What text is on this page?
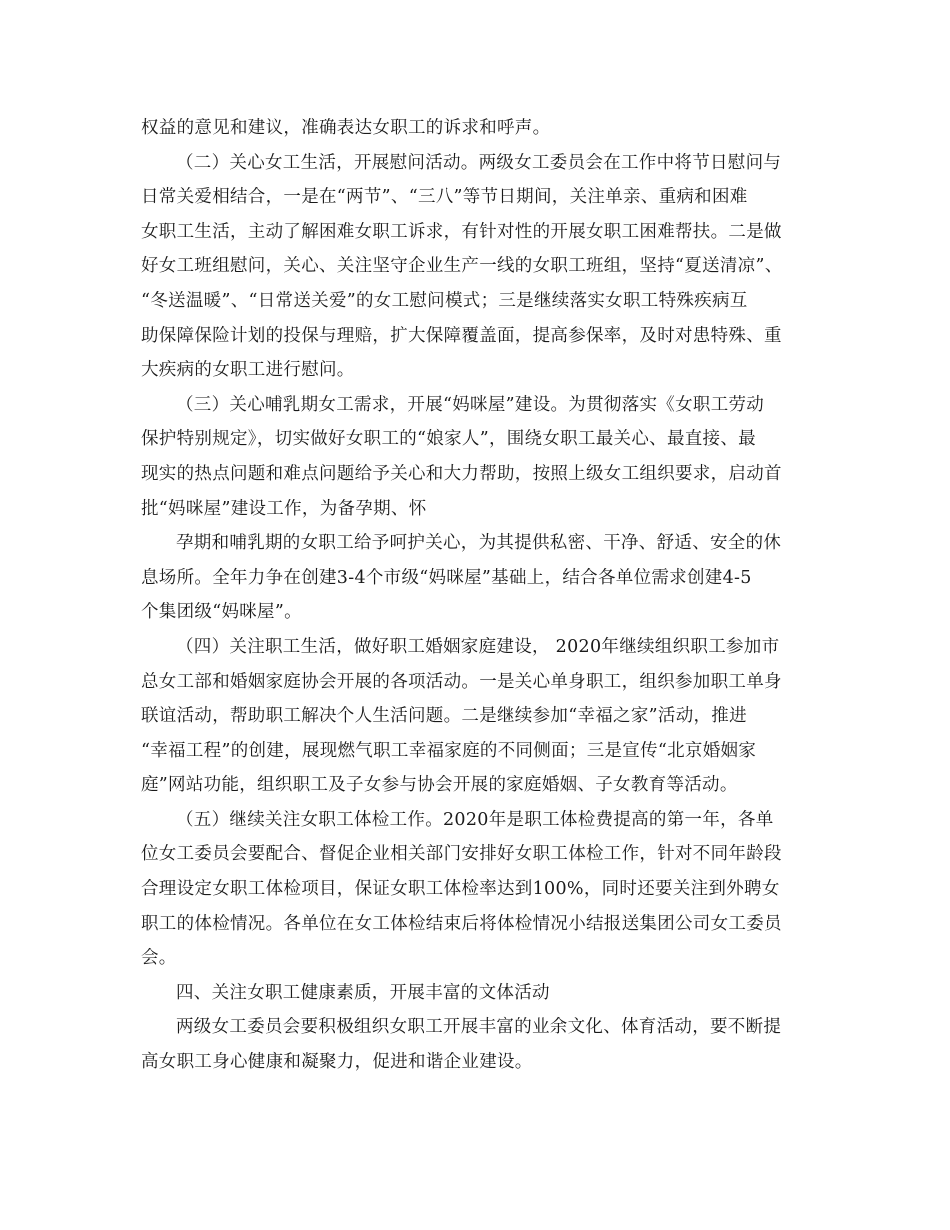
权益的意见和建议，准确表达女职工的诉求和呼声。
（二）关心女工生活，开展慰问活动。两级女工委员会在工作中将节日慰问与
日常关爱相结合，一是在“两节”、“三八”等节日期间，关注单亲、重病和困难
女职工生活，主动了解困难女职工诉求，有针对性的开展女职工困难帮扶。二是做
好女工班组慰问，关心、关注坚守企业生产一线的女职工班组，坚持“夏送清凉”、
“冬送温暖”、“日常送关爱”的女工慰问模式；三是继续落实女职工特殊疾病互
助保障保险计划的投保与理赔，扩大保障覆盖面，提高参保率，及时对患特殊、重
大疾病的女职工进行慰问。
（三）关心哺乳期女工需求，开展“妈咪屋”建设。为贯彻落实《女职工劳动
保护特别规定》，切实做好女职工的“娘家人”，围绕女职工最关心、最直接、最
现实的热点问题和难点问题给予关心和大力帮助，按照上级女工组织要求，启动首
批“妈咪屋”建设工作，为备孕期、怀
孕期和哺乳期的女职工给予呵护关心，为其提供私密、干净、舒适、安全的休
息场所。全年力争在创建3-4个市级“妈咪屋”基础上，结合各单位需求创建4-5
个集团级“妈咪屋”。
（四）关注职工生活，做好职工婚姻家庭建设， 2020年继续组织职工参加市
总女工部和婚姻家庭协会开展的各项活动。一是关心单身职工，组织参加职工单身
联谊活动，帮助职工解决个人生活问题。二是继续参加“幸福之家”活动，推进
“幸福工程”的创建，展现燃气职工幸福家庭的不同侧面；三是宣传“北京婚姻家
庭”网站功能，组织职工及子女参与协会开展的家庭婚姻、子女教育等活动。
（五）继续关注女职工体检工作。2020年是职工体检费提高的第一年，各单
位女工委员会要配合、督促企业相关部门安排好女职工体检工作，针对不同年龄段
合理设定女职工体检项目，保证女职工体检率达到100%，同时还要关注到外聘女
职工的体检情况。各单位在女工体检结束后将体检情况小结报送集团公司女工委员
会。
四、关注女职工健康素质，开展丰富的文体活动
两级女工委员会要积极组织女职工开展丰富的业余文化、体育活动，要不断提
高女职工身心健康和凝聚力，促进和谐企业建设。
